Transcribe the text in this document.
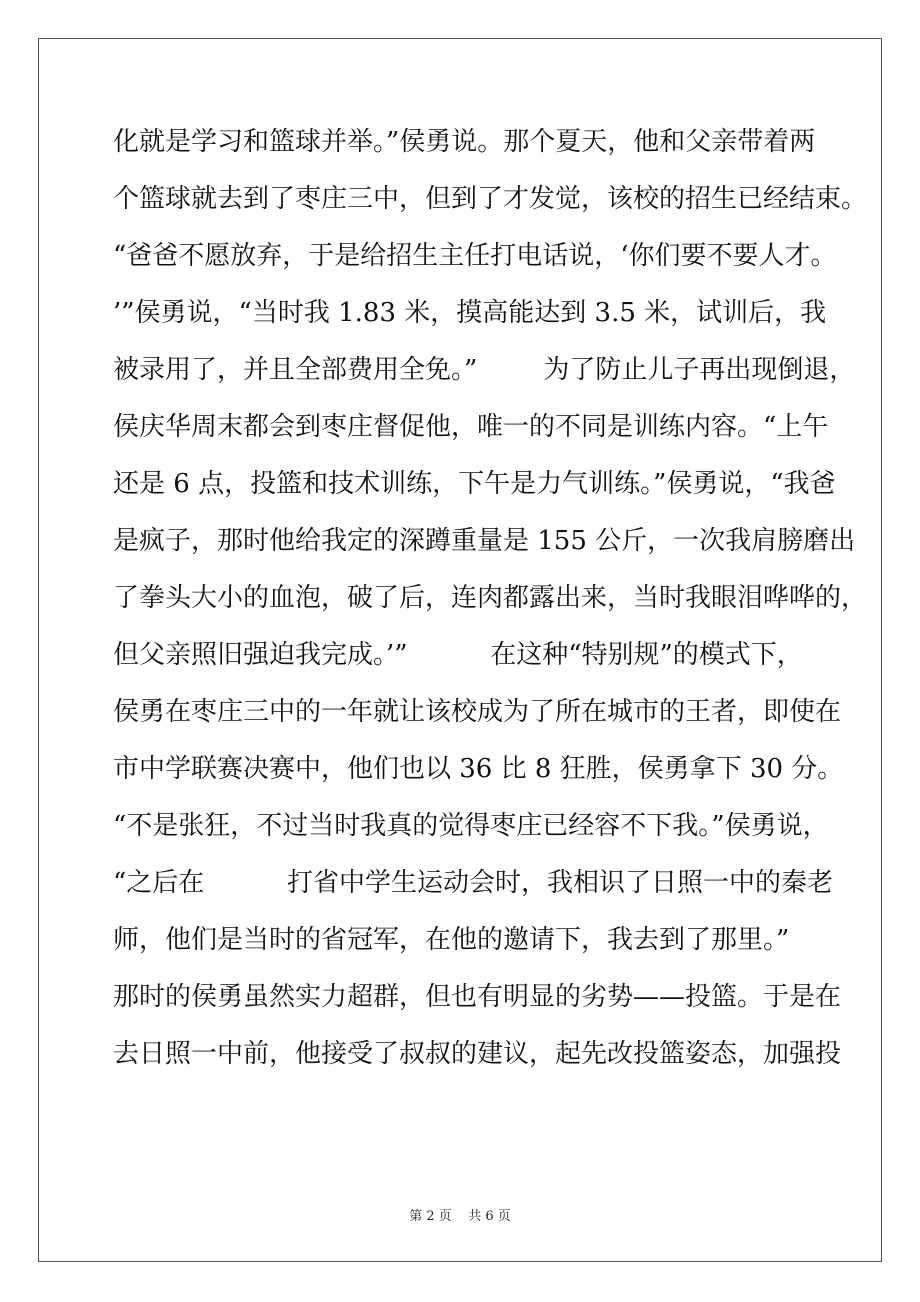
化就是学习和篮球并举。”侯勇说。那个夏天，他和父亲带着两
个篮球就去到了枣庄三中，但到了才发觉，该校的招生已经结束。
“爸爸不愿放弃，于是给招生主任打电话说，‘你们要不要人才。
’”侯勇说，“当时我 1.83 米，摸高能达到 3.5 米，试训后，我
被录用了，并且全部费用全免。”        为了防止儿子再出现倒退，
侯庆华周末都会到枣庄督促他，唯一的不同是训练内容。“上午
还是 6 点，投篮和技术训练，下午是力气训练。”侯勇说，“我爸
是疯子，那时他给我定的深蹲重量是 155 公斤，一次我肩膀磨出
了拳头大小的血泡，破了后，连肉都露出来，当时我眼泪哗哗的，
但父亲照旧强迫我完成。’”          在这种“特别规”的模式下，
侯勇在枣庄三中的一年就让该校成为了所在城市的王者，即使在
市中学联赛决赛中，他们也以 36 比 8 狂胜，侯勇拿下 30 分。
“不是张狂，不过当时我真的觉得枣庄已经容不下我。”侯勇说，
“之后在          打省中学生运动会时，我相识了日照一中的秦老
师，他们是当时的省冠军，在他的邀请下，我去到了那里。”
那时的侯勇虽然实力超群，但也有明显的劣势——投篮。于是在
去日照一中前，他接受了叔叔的建议，起先改投篮姿态，加强投
第 2 页    共 6 页
